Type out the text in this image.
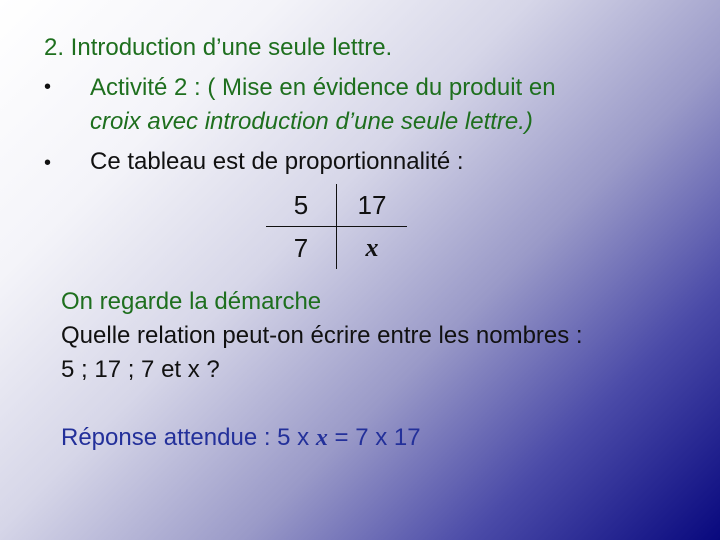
2. Introduction d’une seule lettre.
• Activité 2 : ( Mise en évidence du produit en
croix avec introduction d’une seule lettre.)
• Ce tableau est de proportionnalité :
5	17
7	x
On regarde la démarche
Quelle relation peut-on écrire entre les nombres :
5 ; 17 ; 7 et x ?
Réponse attendue : 5 x x = 7 x 17
